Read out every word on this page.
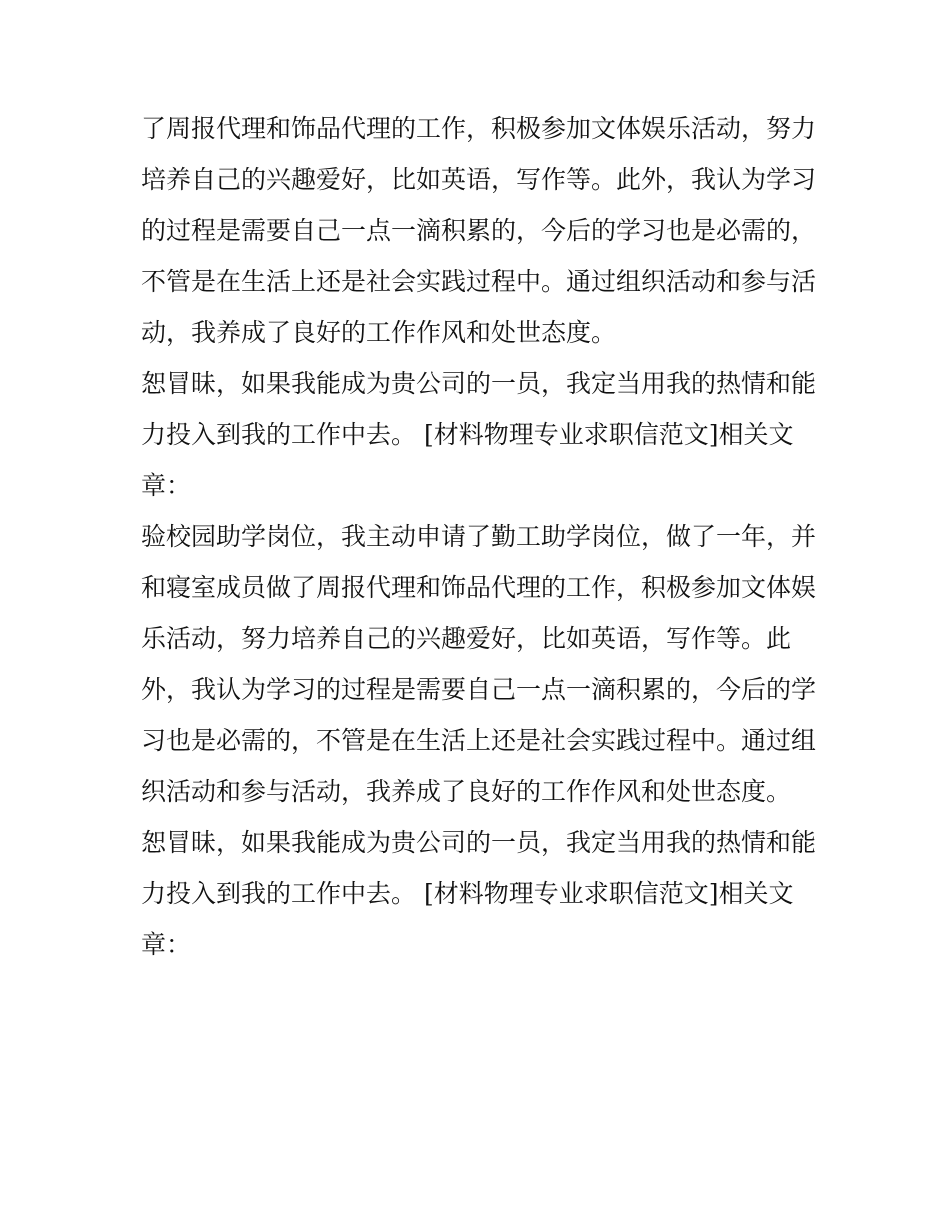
了周报代理和饰品代理的工作，积极参加文体娱乐活动，努力
培养自己的兴趣爱好，比如英语，写作等。此外，我认为学习
的过程是需要自己一点一滴积累的，今后的学习也是必需的，
不管是在生活上还是社会实践过程中。通过组织活动和参与活
动，我养成了良好的工作作风和处世态度。
恕冒昧，如果我能成为贵公司的一员，我定当用我的热情和能
力投入到我的工作中去。 [材料物理专业求职信范文]相关文
章：
验校园助学岗位，我主动申请了勤工助学岗位，做了一年，并
和寝室成员做了周报代理和饰品代理的工作，积极参加文体娱
乐活动，努力培养自己的兴趣爱好，比如英语，写作等。此
外，我认为学习的过程是需要自己一点一滴积累的，今后的学
习也是必需的，不管是在生活上还是社会实践过程中。通过组
织活动和参与活动，我养成了良好的工作作风和处世态度。
恕冒昧，如果我能成为贵公司的一员，我定当用我的热情和能
力投入到我的工作中去。 [材料物理专业求职信范文]相关文
章：
